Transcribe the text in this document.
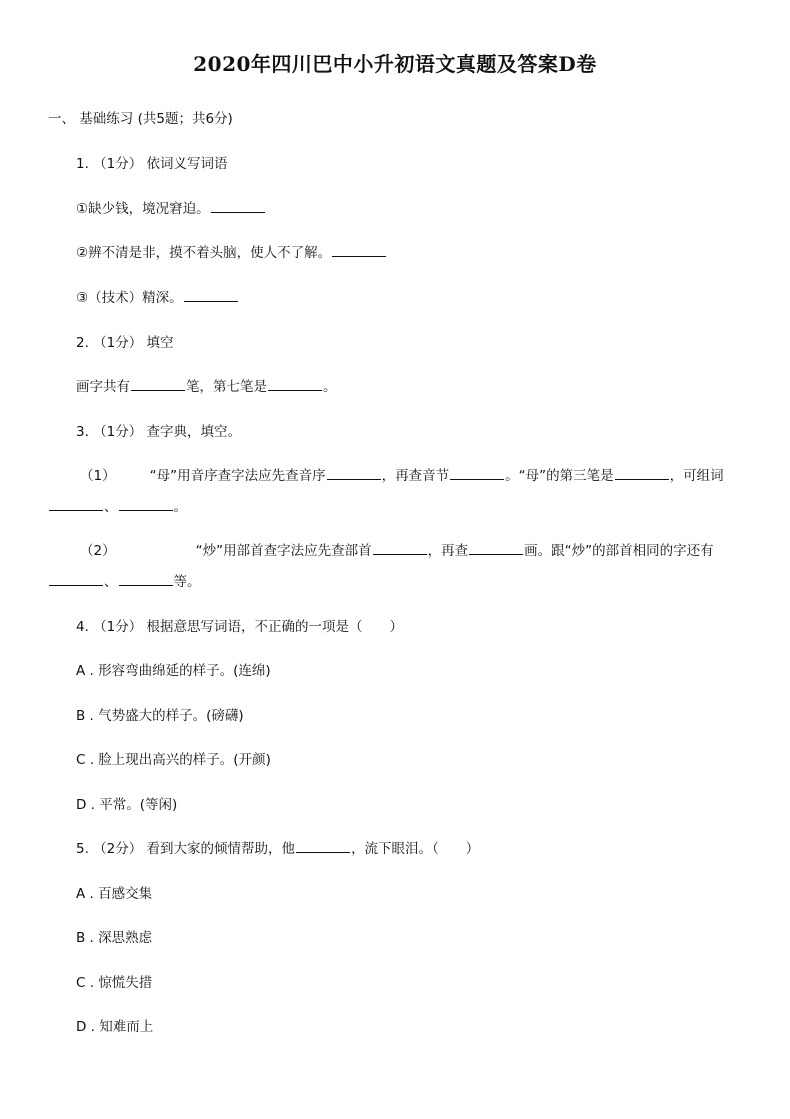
2020年四川巴中小升初语文真题及答案D卷
一、 基础练习 (共5题；共6分)
1. （1分） 依词义写词语
①缺少钱，境况窘迫。
②辨不清是非，摸不着头脑，使人不了解。
③（技术）精深。
2. （1分） 填空
画字共有	笔，第七笔是	。
3. （1分） 查字典，填空。
（1）	“母”用音序查字法应先查音序	，再查音节	。“母”的第三笔是	，可组词
、	。
（2）	“炒”用部首查字法应先查部首	，再查	画。跟“炒”的部首相同的字还有
、	等。
4. （1分） 根据意思写词语，不正确的一项是（　　）
A . 形容弯曲绵延的样子。(连绵)
B . 气势盛大的样子。(磅礴)
C . 脸上现出高兴的样子。(开颜)
D . 平常。(等闲)
5. （2分） 看到大家的倾情帮助，他	，流下眼泪。（　　）
A . 百感交集
B . 深思熟虑
C . 惊慌失措
D . 知难而上
